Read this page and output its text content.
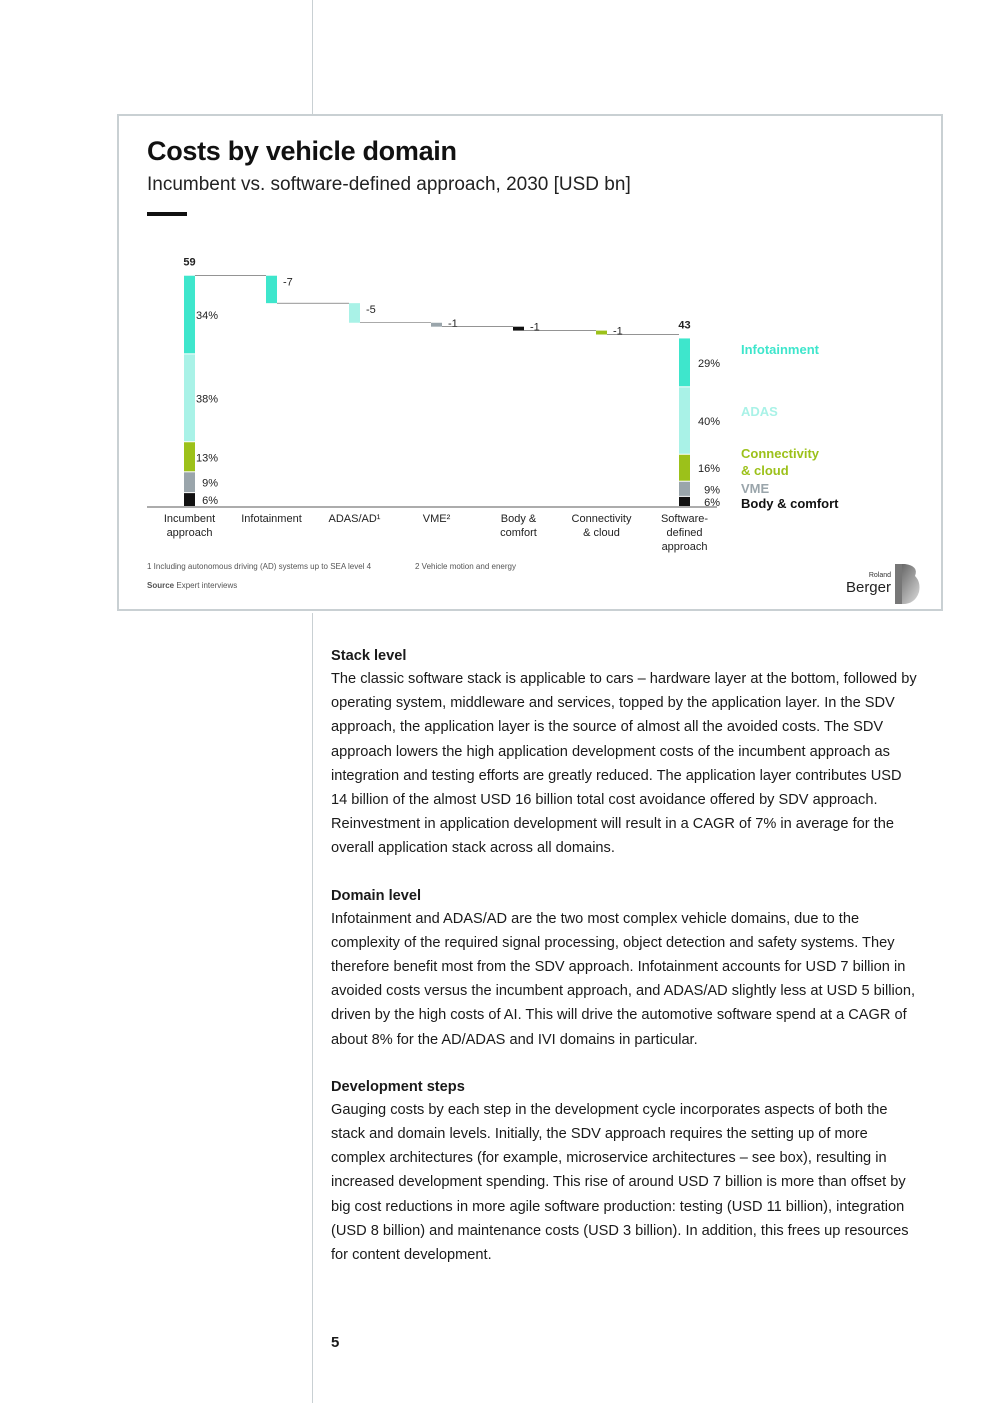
Costs by vehicle domain
Incumbent vs. software-defined approach, 2030 [USD bn]
6%
9%
13%
38%
34%
59
-7
-5
-1	-1	-1
6%
9%
16%
40%
29%
43
Incumbent
approach
Infotainment ADAS/AD¹	VME²	Body &
comfort
Connectivity
& cloud
Software-
defined
approach
Infotainment
ADAS
Connectivity
& cloud
VME
Body & comfort
1 Including autonomous driving (AD) systems up to SEA level 4	2 Vehicle motion and energy
Source Expert interviews
Roland
Berger
Stack level

The classic software stack is applicable to cars – hardware layer at the bottom, followed by operating system, middleware and services, topped by the application layer. In the SDV approach, the application layer is the source of almost all the avoided costs. The SDV approach lowers the high application development costs of the incumbent approach as integration and testing efforts are greatly reduced. The application layer contributes USD 14 billion of the almost USD 16 billion total cost avoidance offered by SDV approach. Reinvestment in application development will result in a CAGR of 7% in average for the overall application stack across all domains.

Domain level

Infotainment and ADAS/AD are the two most complex vehicle domains, due to the complexity of the required signal processing, object detection and safety systems. They therefore benefit most from the SDV approach. Infotainment accounts for USD 7 billion in avoided costs versus the incumbent approach, and ADAS/AD slightly less at USD 5 billion, driven by the high costs of AI. This will drive the automotive software spend at a CAGR of about 8% for the AD/ADAS and IVI domains in particular.

Development steps

Gauging costs by each step in the development cycle incorporates aspects of both the stack and domain levels. Initially, the SDV approach requires the setting up of more complex architectures (for example, microservice architectures – see box), resulting in increased development spending. This rise of around USD 7 billion is more than offset by big cost reductions in more agile software production: testing (USD 11 billion), integration (USD 8 billion) and maintenance costs (USD 3 billion). In addition, this frees up resources for content development.

5
